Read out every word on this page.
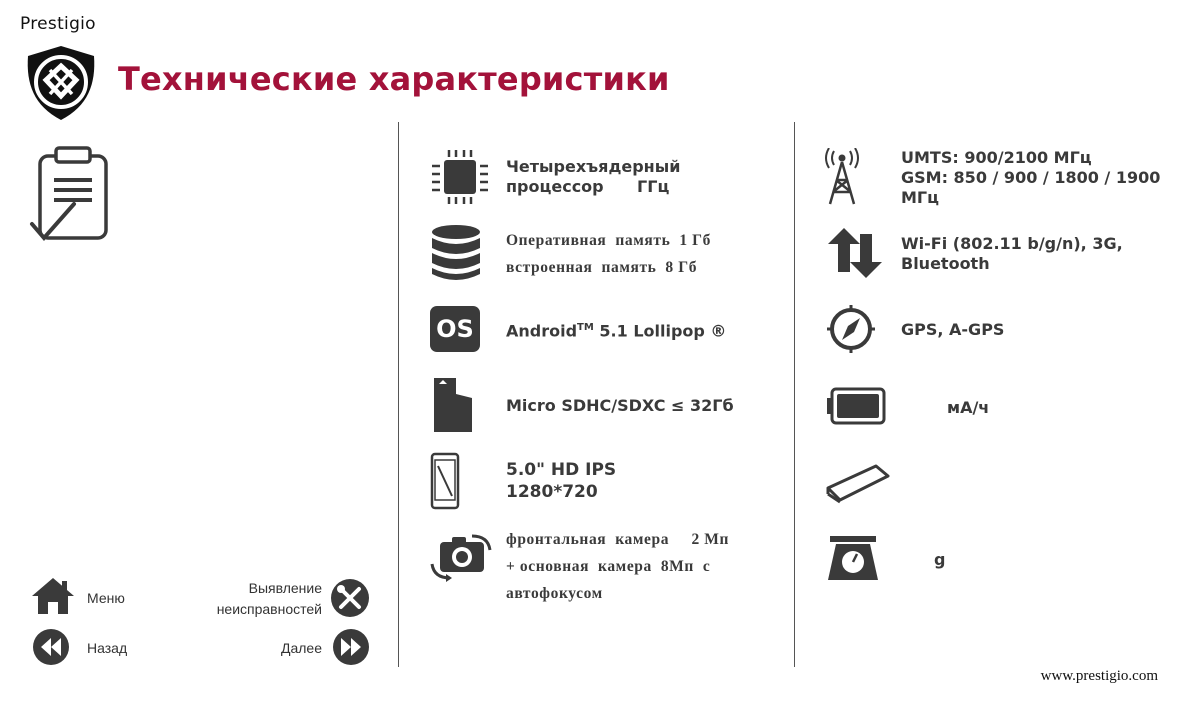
Prestigio
Технические характеристики
Четырехъядерный
процессор      ГГц
Оперативная  память  1 Гб
встроенная  память  8 Гб
OS	Android™ 5.1 Lollipop ®
Micro SDHC/SDXC ≤ 32Гб
5.0" HD IPS
1280*720
фронтальная  камера     2 Мп
+ основная  камера  8Мп  с
автофокусом
UMTS: 900/2100 МГц
GSM: 850 / 900 / 1800 / 1900
МГц
Wi-Fi (802.11 b/g/n), 3G,
Bluetooth
GPS, A-GPS
мА/ч
g
Меню
Выявление
неисправностей
Назад	Далее
www.prestigio.com
